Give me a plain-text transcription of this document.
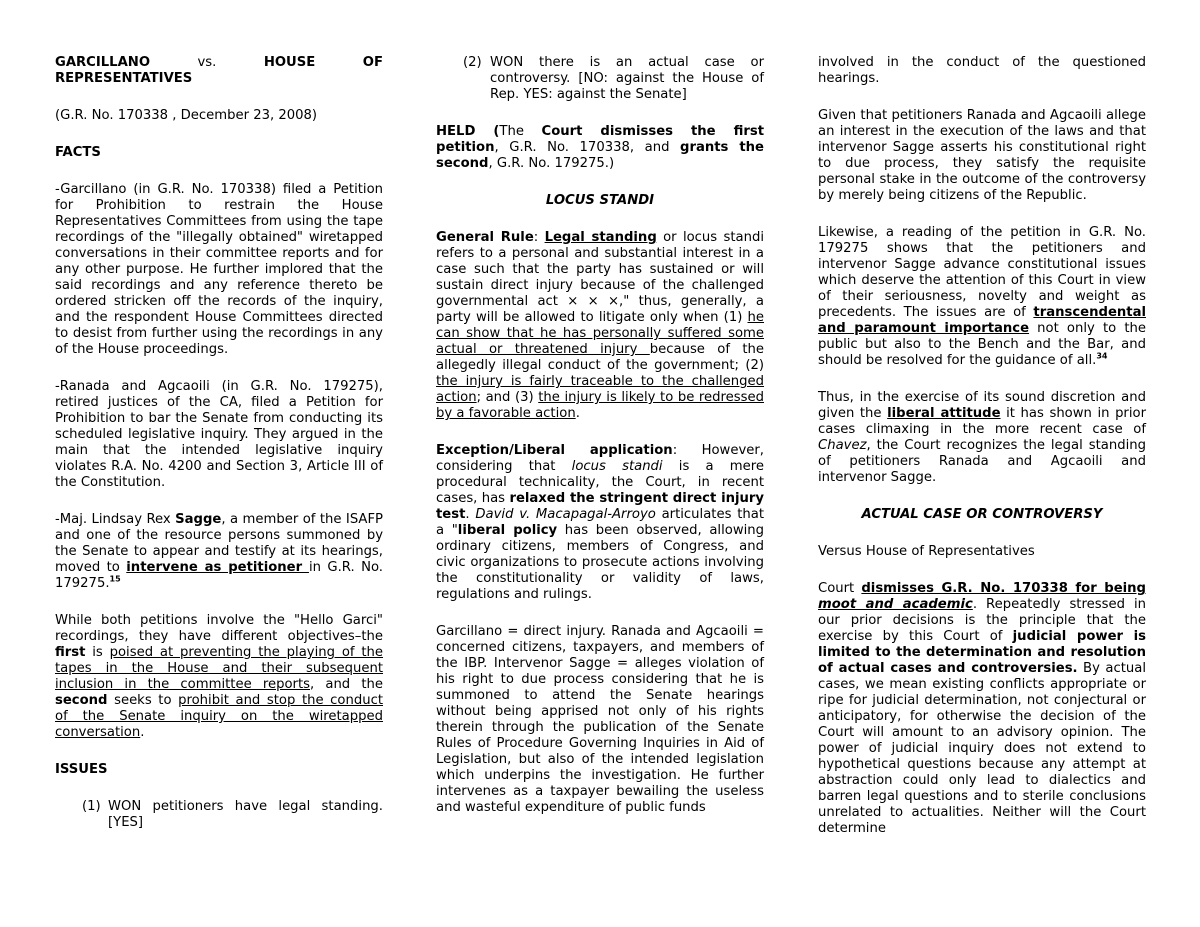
GARCILLANO	vs.	HOUSE	OF

REPRESENTATIVES

(G.R. No. 170338 , December 23, 2008)

FACTS

-Garcillano (in G.R. No. 170338) filed a Petition for Prohibition to restrain the House Representatives Committees from using the tape recordings of the "illegally obtained" wiretapped conversations in their committee reports and for any other purpose. He further implored that the said recordings and any reference thereto be ordered stricken off the records of the inquiry, and the respondent House Committees directed to desist from further using the recordings in any of the House proceedings.

-Ranada and Agcaoili (in G.R. No. 179275), retired justices of the CA, filed a Petition for Prohibition to bar the Senate from conducting its scheduled legislative inquiry. They argued in the main that the intended legislative inquiry violates R.A. No. 4200 and Section 3, Article III of the Constitution.

-Maj. Lindsay Rex Sagge, a member of the ISAFP and one of the resource persons summoned by the Senate to appear and testify at its hearings, moved to intervene as petitioner in G.R. No. 179275.15

While both petitions involve the "Hello Garci" recordings, they have different objectives–the first is poised at preventing the playing of the tapes in the House and their subsequent inclusion in the committee reports, and the second seeks to prohibit and stop the conduct of the Senate inquiry on the wiretapped conversation.

ISSUES

(1) WON petitioners have legal standing. [YES]
(2) WON there is an actual case or controversy. [NO: against the House of Rep. YES: against the Senate]

HELD (The Court dismisses the first petition, G.R. No. 170338, and grants the second, G.R. No. 179275.)

LOCUS STANDI

General Rule: Legal standing or locus standi refers to a personal and substantial interest in a case such that the party has sustained or will sustain direct injury because of the challenged governmental act × × ×," thus, generally, a party will be allowed to litigate only when (1) he can show that he has personally suffered some actual or threatened injury because of the allegedly illegal conduct of the government; (2) the injury is fairly traceable to the challenged action; and (3) the injury is likely to be redressed by a favorable action.

Exception/Liberal application: However, considering that locus standi is a mere procedural technicality, the Court, in recent cases, has relaxed the stringent direct injury test. David v. Macapagal-Arroyo articulates that a "liberal policy has been observed, allowing ordinary citizens, members of Congress, and civic organizations to prosecute actions involving the constitutionality or validity of laws, regulations and rulings.

Garcillano = direct injury. Ranada and Agcaoili = concerned citizens, taxpayers, and members of the IBP. Intervenor Sagge = alleges violation of his right to due process considering that he is summoned to attend the Senate hearings without being apprised not only of his rights therein through the publication of the Senate Rules of Procedure Governing Inquiries in Aid of Legislation, but also of the intended legislation which underpins the investigation. He further intervenes as a taxpayer bewailing the useless and wasteful expenditure of public funds

involved in the conduct of the questioned hearings.

Given that petitioners Ranada and Agcaoili allege an interest in the execution of the laws and that intervenor Sagge asserts his constitutional right to due process, they satisfy the requisite personal stake in the outcome of the controversy by merely being citizens of the Republic.

Likewise, a reading of the petition in G.R. No. 179275 shows that the petitioners and intervenor Sagge advance constitutional issues which deserve the attention of this Court in view of their seriousness, novelty and weight as precedents. The issues are of transcendental and paramount importance not only to the public but also to the Bench and the Bar, and should be resolved for the guidance of all.$^{34}$

Thus, in the exercise of its sound discretion and given the liberal attitude it has shown in prior cases climaxing in the more recent case of Chavez, the Court recognizes the legal standing of petitioners Ranada and Agcaoili and intervenor Sagge.

ACTUAL CASE OR CONTROVERSY

Versus House of Representatives

Court dismisses G.R. No. 170338 for being moot and academic. Repeatedly stressed in our prior decisions is the principle that the exercise by this Court of judicial power is limited to the determination and resolution of actual cases and controversies. By actual cases, we mean existing conflicts appropriate or ripe for judicial determination, not conjectural or anticipatory, for otherwise the decision of the Court will amount to an advisory opinion. The power of judicial inquiry does not extend to hypothetical questions because any attempt at abstraction could only lead to dialectics and barren legal questions and to sterile conclusions unrelated to actualities. Neither will the Court determine
